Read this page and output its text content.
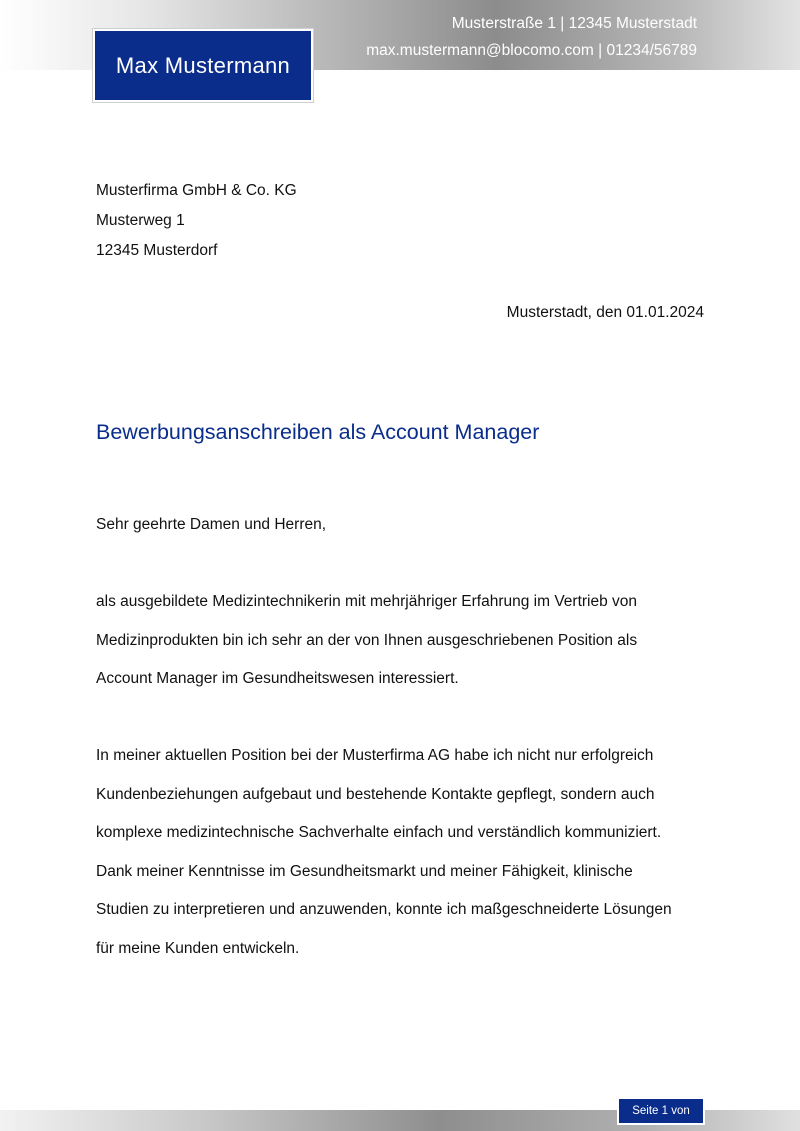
Musterstraße 1 | 12345 Musterstadt
max.mustermann@blocomo.com | 01234/56789
Max Mustermann
Musterfirma GmbH & Co. KG
Musterweg 1
12345 Musterdorf
Musterstadt, den 01.01.2024
Bewerbungsanschreiben als Account Manager
Sehr geehrte Damen und Herren,
als ausgebildete Medizintechnikerin mit mehrjähriger Erfahrung im Vertrieb von
Medizinprodukten bin ich sehr an der von Ihnen ausgeschriebenen Position als
Account Manager im Gesundheitswesen interessiert.
In meiner aktuellen Position bei der Musterfirma AG habe ich nicht nur erfolgreich
Kundenbeziehungen aufgebaut und bestehende Kontakte gepflegt, sondern auch
komplexe medizintechnische Sachverhalte einfach und verständlich kommuniziert.
Dank meiner Kenntnisse im Gesundheitsmarkt und meiner Fähigkeit, klinische
Studien zu interpretieren und anzuwenden, konnte ich maßgeschneiderte Lösungen
für meine Kunden entwickeln.
Seite 1 von
